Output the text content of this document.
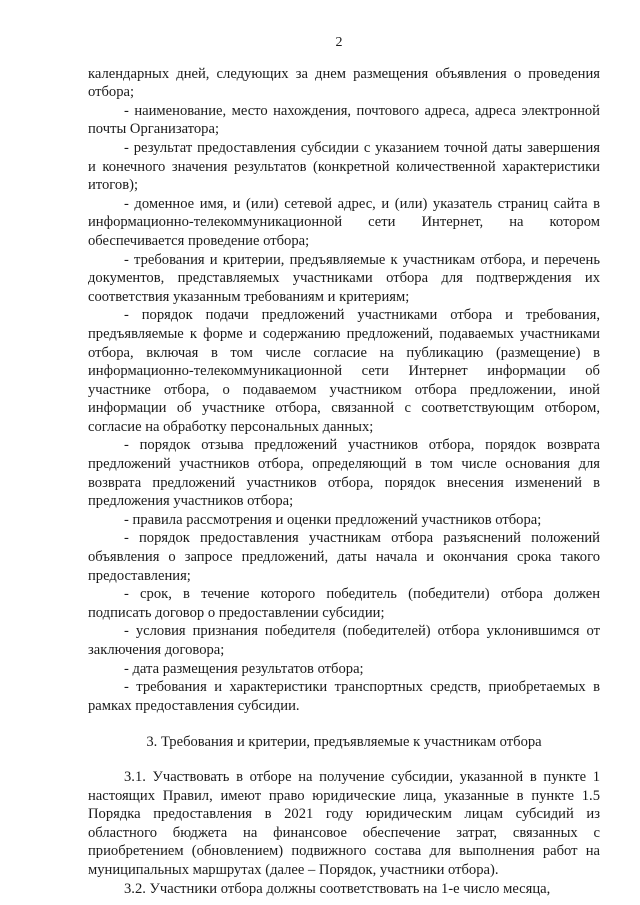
2

календарных дней, следующих за днем размещения объявления о проведения отбора;

- наименование, место нахождения, почтового адреса, адреса электронной почты Организатора;

- результат предоставления субсидии с указанием точной даты завершения и конечного значения результатов (конкретной количественной характеристики итогов);

- доменное имя, и (или) сетевой адрес, и (или) указатель страниц сайта в информационно-телекоммуникационной сети Интернет, на котором обеспечивается проведение отбора;

- требования и критерии, предъявляемые к участникам отбора, и перечень документов, представляемых участниками отбора для подтверждения их соответствия указанным требованиям и критериям;

- порядок подачи предложений участниками отбора и требования, предъявляемые к форме и содержанию предложений, подаваемых участниками отбора, включая в том числе согласие на публикацию (размещение) в информационно-телекоммуникационной сети Интернет информации об участнике отбора, о подаваемом участником отбора предложении, иной информации об участнике отбора, связанной с соответствующим отбором, согласие на обработку персональных данных;

- порядок отзыва предложений участников отбора, порядок возврата предложений участников отбора, определяющий в том числе основания для возврата предложений участников отбора, порядок внесения изменений в предложения участников отбора;

- правила рассмотрения и оценки предложений участников отбора;

- порядок предоставления участникам отбора разъяснений положений объявления о запросе предложений, даты начала и окончания срока такого предоставления;

- срок, в течение которого победитель (победители) отбора должен подписать договор о предоставлении субсидии;

- условия признания победителя (победителей) отбора уклонившимся от заключения договора;

- дата размещения результатов отбора;

- требования и характеристики транспортных средств, приобретаемых в рамках предоставления субсидии.

3. Требования и критерии, предъявляемые к участникам отбора

3.1. Участвовать в отборе на получение субсидии, указанной в пункте 1 настоящих Правил, имеют право юридические лица, указанные в пункте 1.5 Порядка предоставления в 2021 году юридическим лицам субсидий из областного бюджета на финансовое обеспечение затрат, связанных с приобретением (обновлением) подвижного состава для выполнения работ на муниципальных маршрутах (далее – Порядок, участники отбора).

3.2. Участники отбора должны соответствовать на 1-е число месяца,
